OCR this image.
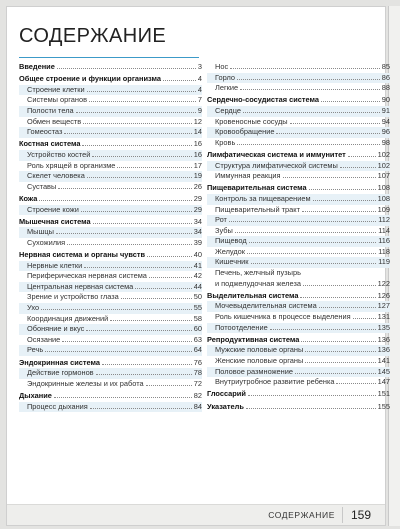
СОДЕРЖАНИЕ
Введение	3
Общее строение и функции организма	4
Строение клетки	4
Системы органов	7
Полости тела	9
Обмен веществ	12
Гомеостаз	14
Костная система	16
Устройство костей	16
Роль хрящей в организме	17
Скелет человека	19
Суставы	26
Кожа	29
Строение кожи	29
Мышечная система	34
Мышцы	34
Сухожилия	39
Нервная система и органы чувств	40
Нервные клетки	41
Периферическая нервная система	42
Центральная нервная система	44
Зрение и устройство глаза	50
Ухо	55
Координация движений	58
Обоняние и вкус	60
Осязание	63
Речь	64
Эндокринная система	76
Действие гормонов	78
Эндокринные железы и их работа	72
Дыхание	82
Процесс дыхания	84
Нос	85
Горло	86
Легкие	88
Сердечно-сосудистая система	90
Сердце	91
Кровеносные сосуды	94
Кровообращение	96
Кровь	98
Лимфатическая система и иммунитет	102
Структура лимфатической системы	102
Иммунная реакция	107
Пищеварительная система	108
Контроль за пищеварением	108
Пищеварительный тракт	109
Рот	112
Зубы	114
Пищевод	116
Желудок	118
Кишечник	119
Печень, желчный пузырь
и поджелудочная железа	122
Выделительная система	126
Мочевыделительная система	127
Роль кишечника в процессе выделения	131
Потоотделение	135
Репродуктивная система	136
Мужские половые органы	136
Женские половые органы	141
Половое размножение	145
Внутриутробное развитие ребенка	147
Глоссарий	151
Указатель	155
СОДЕРЖАНИЕ 159
